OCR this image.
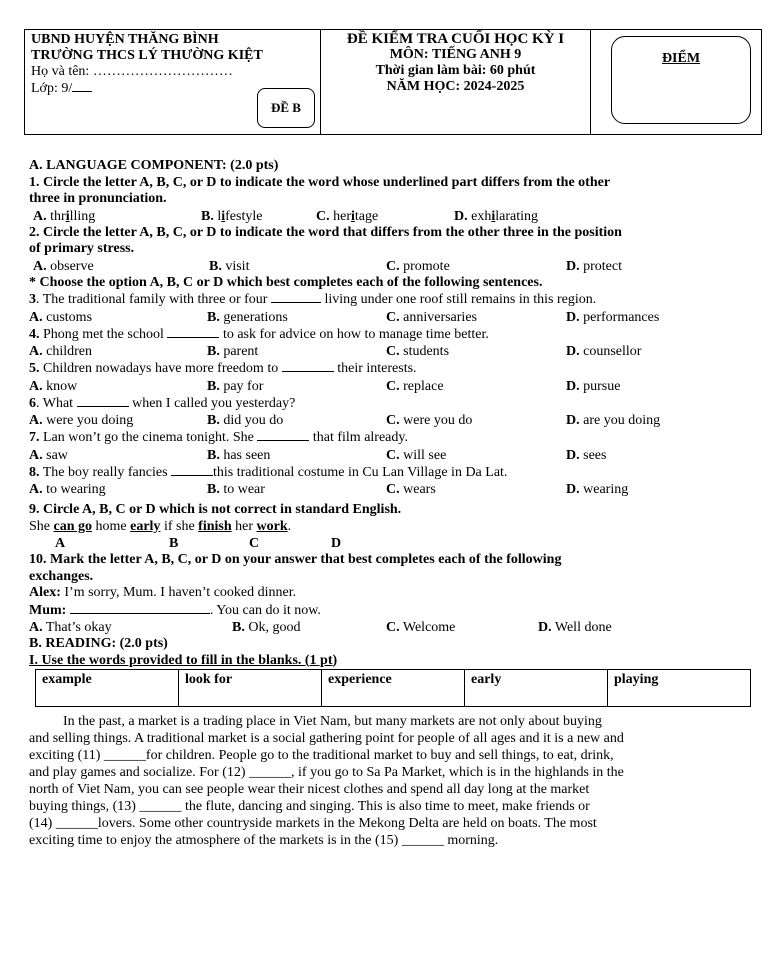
UBND HUYỆN THĂNG BÌNH
TRƯỜNG THCS LÝ THƯỜNG KIỆT
Họ và tên: …………………………
Lớp: 9/
ĐỀ B
ĐỀ KIỂM TRA CUỐI HỌC KỲ I
MÔN: TIẾNG ANH 9
Thời gian làm bài: 60 phút
NĂM HỌC: 2024-2025
ĐIỂM
A. LANGUAGE COMPONENT: (2.0 pts)
1. Circle the letter A, B, C, or D to indicate the word whose underlined part differs from the other
three in pronunciation.
A. thrilling	B. lifestyle	C. heritage	D. exhilarating
2. Circle the letter A, B, C, or D to indicate the word that differs from the other three in the position
of primary stress.
A. observe	B. visit	C. promote	D. protect
* Choose the option A, B, C or D which best completes each of the following sentences.
3. The traditional family with three or four	living under one roof still remains in this region.
A. customs	B. generations	C. anniversaries	D. performances
4. Phong met the school	to ask for advice on how to manage time better.
A. children	B. parent	C. students	D. counsellor
5. Children nowadays have more freedom to	their interests.
A. know	B. pay for	C. replace	D. pursue
6. What	when I called you yesterday?
A. were you doing	B. did you do	C. were you do	D. are you doing
7. Lan won’t go the cinema tonight. She	that film already.
A. saw	B. has seen	C. will see	D. sees
8. The boy really fancies	this traditional costume in Cu Lan Village in Da Lat.
A. to wearing	B. to wear	C. wears	D. wearing
9. Circle A, B, C or D which is not correct in standard English.
She can go home early if she finish her work.
A	B	C	D
10. Mark the letter A, B, C, or D on your answer that best completes each of the following
exchanges.
Alex: I’m sorry, Mum. I haven’t cooked dinner.
Mum:	. You can do it now.
A. That’s okay	B. Ok, good	C. Welcome	D. Well done
B. READING: (2.0 pts)
I. Use the words provided to fill in the blanks. (1 pt)
example	look for	experience	early	playing
In the past, a market is a trading place in Viet Nam, but many markets are not only about buying
and selling things. A traditional market is a social gathering point for people of all ages and it is a new and
exciting (11) ______for children. People go to the traditional market to buy and sell things, to eat, drink,
and play games and socialize. For (12) ______, if you go to Sa Pa Market, which is in the highlands in the
north of Viet Nam, you can see people wear their nicest clothes and spend all day long at the market
buying things, (13) ______ the flute, dancing and singing. This is also time to meet, make friends or
(14) ______lovers. Some other countryside markets in the Mekong Delta are held on boats. The most
exciting time to enjoy the atmosphere of the markets is in the (15) ______ morning.
